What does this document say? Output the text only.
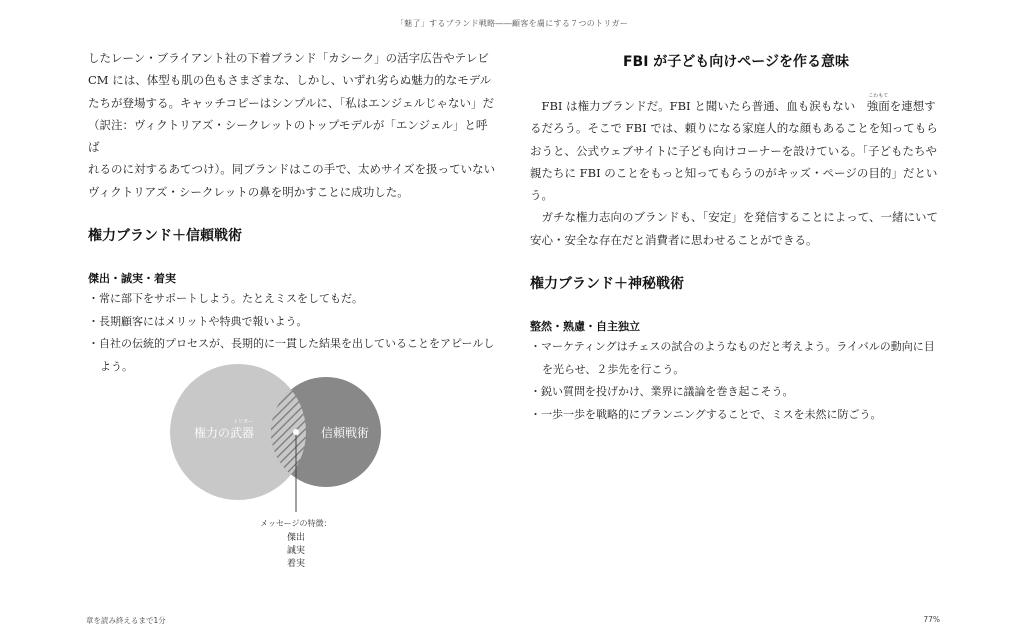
「魅了」するブランド戦略――顧客を虜にする７つのトリガー
したレーン・ブライアント社の下着ブランド「カシーク」の活字広告やテレビ
CM には、体型も肌の色もさまざまな、しかし、いずれ劣らぬ魅力的なモデル
たちが登場する。キャッチコピーはシンプルに、「私はエンジェルじゃない」だ
（訳注：ヴィクトリアズ・シークレットのトップモデルが「エンジェル」と呼ば
れるのに対するあてつけ）。同ブランドはこの手で、太めサイズを扱っていない
ヴィクトリアズ・シークレットの鼻を明かすことに成功した。
権力ブランド＋信頼戦術
傑出・誠実・着実
・ 常に部下をサポートしよう。たとえミスをしてもだ。
・ 長期顧客にはメリットや特典で報いよう。
・ 自社の伝統的プロセスが、長期的に一貫した結果を出していることをアピールしよう。
トリガー
権力の武器	信頼戦術
メッセージの特徴：
傑出
誠実
着実
FBI が子ども向けページを作る意味

FBI は権力ブランドだ。FBI と聞いたら普通、血も涙もない
こわもて
強面を連想するだろう。そこで FBI では、頼りになる家庭人的な顔もあることを知ってもらおうと、公式ウェブサイトに子ども向けコーナーを設けている。「子どもたちや親たちに FBI のことをもっと知ってもらうのがキッズ・ページの目的」だという。

ガチな権力志向のブランドも、「安定」を発信することによって、一緒にいて安心・安全な存在だと消費者に思わせることができる。

権力ブランド＋神秘戦術
整然・熟慮・自主独立
・ マーケティングはチェスの試合のようなものだと考えよう。ライバルの動向に目を光らせ、２歩先を行こう。
・ 鋭い質問を投げかけ、業界に議論を巻き起こそう。
・ 一歩一歩を戦略的にプランニングすることで、ミスを未然に防ごう。
章を読み終えるまで1分	77%
